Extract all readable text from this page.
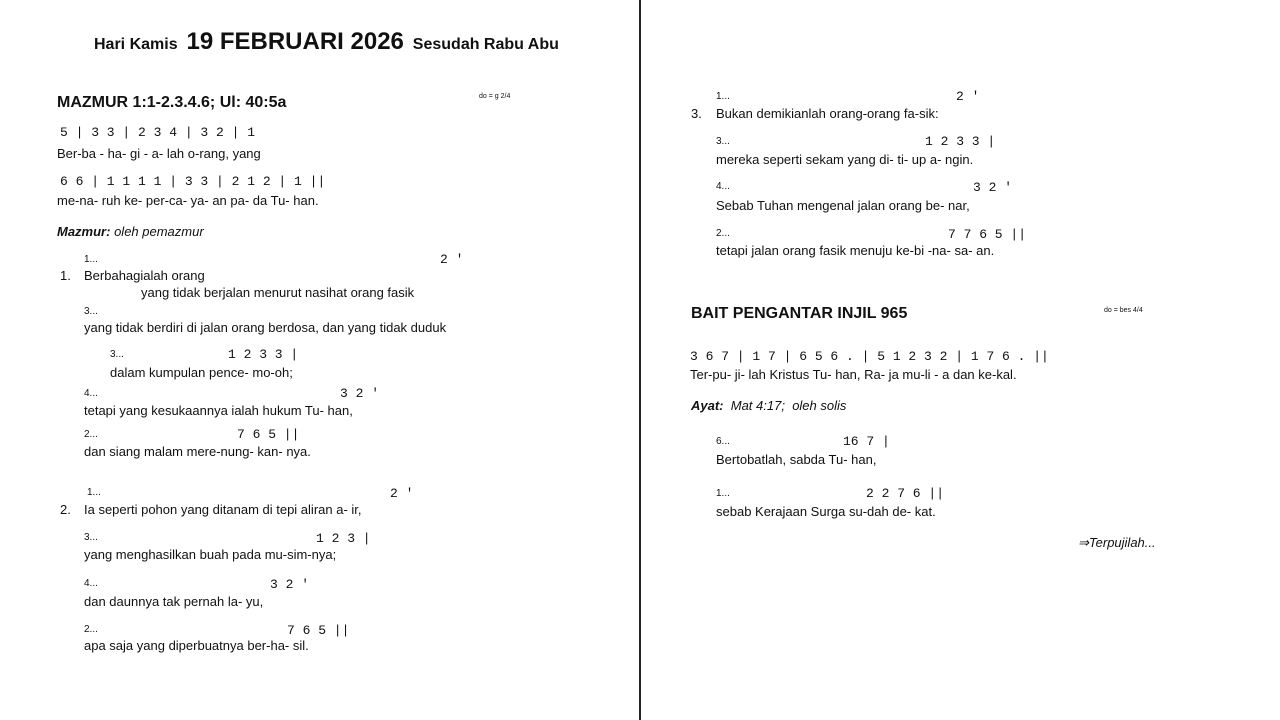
Hari Kamis 19 FEBRUARI 2026 Sesudah Rabu Abu
MAZMUR 1:1-2.3.4.6; Ul: 40:5a	do = g 2/4
5 | 3 3 | 2 3 4 | 3 2 | 1
Ber-ba - ha- gi - a- lah o-rang, yang
6 6 | 1 1 1 1 | 3 3 | 2 1 2 | 1 ||
me-na- ruh ke- per-ca- ya- an pa- da Tu- han.
Mazmur: oleh pemazmur
1...	2 '
1. Berbahagialah orang
yang tidak berjalan menurut nasihat orang fasik
3...
yang tidak berdiri di jalan orang berdosa, dan yang tidak duduk
3...	1 2 3 3 |
dalam kumpulan pence- mo-oh;
4...	3 2 '
tetapi yang kesukaannya ialah hukum Tu- han,
2...	7 6 5 ||
dan siang malam mere-nung- kan- nya.
1...	2 '
2. Ia seperti pohon yang ditanam di tepi aliran a- ir,
3...	1 2 3 |
yang menghasilkan buah pada mu-sim-nya;
4...	3 2 '
dan daunnya tak pernah la- yu,
2...	7 6 5 ||
apa saja yang diperbuatnya ber-ha- sil.
1...	2 '
3. Bukan demikianlah orang-orang fa-sik:
3...	1 2 3 3 |
mereka seperti sekam yang di- ti- up a- ngin.
4...	3 2 '
Sebab Tuhan mengenal jalan orang be- nar,
2...	7 7 6 5 ||
tetapi jalan orang fasik menuju ke-bi -na- sa- an.
BAIT PENGANTAR INJIL 965	do = bes 4/4
3 6 7 | 1 7 | 6 5 6 . | 5 1 2 3 2 | 1 7 6 . ||
Ter-pu- ji- lah Kristus Tu- han, Ra- ja mu-li - a dan ke-kal.
Ayat: Mat 4:17; oleh solis
6...	16 7 |
Bertobatlah, sabda Tu- han,
1...	2 2 7 6 ||
sebab Kerajaan Surga su-dah de- kat.
⇒Terpujilah...
